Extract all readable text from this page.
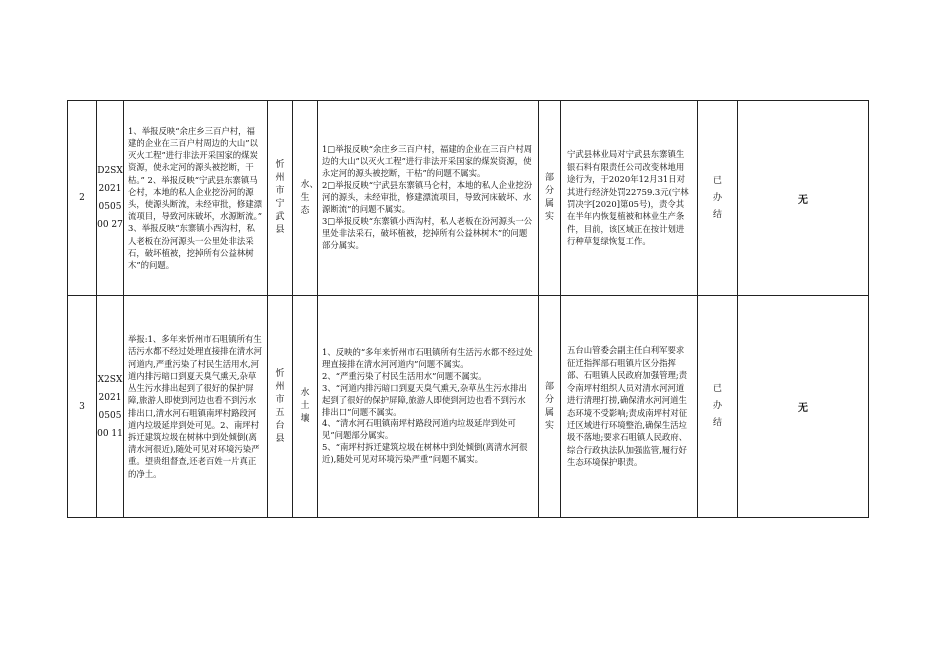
2	D2SX2021050500 27	1、举报反映“余庄乡三百户村，福建的企业在三百户村周边的大山”以灭火工程”进行非法开采国家的煤炭资源，使永定河的源头被挖断，干枯。” 2、举报反映“宁武县东寨镇马仑村，本地的私人企业挖汾河的源头，使源头断流，未经审批，修建漂流项目，导致河床破坏，水源断流。” 3、举报反映“东寨镇小西沟村，私人老板在汾河源头一公里处非法采石，破坏植被，挖掉所有公益林树木”的问题。	忻州市宁武县	水、生态	1□举报反映“余庄乡三百户村，福建的企业在三百户村周边的大山”以灭火工程”进行非法开采国家的煤炭资源，使永定河的源头被挖断，干枯”的问题不属实。

2□举报反映“宁武县东寨镇马仑村，本地的私人企业挖汾河的源头，未经审批，修建漂流项目，导致河床破坏、水源断流”的问题不属实。

3□举报反映“东寨镇小西沟村，私人老板在汾河源头一公里处非法采石，破坏植被，挖掉所有公益林树木”的问题部分属实。	部分属实	宁武县林业局对宁武县东寨镇生银石料有限责任公司改变林地用途行为，于2020年12月31日对其进行经济处罚22759.3元(宁林罚决字[2020]第05号)，责令其在半年内恢复植被和林业生产条件，目前，该区域正在按计划进行种草复绿恢复工作。	已办结	无
3	X2SX2021050500 11	举报:1、多年来忻州市石咀镇所有生活污水都不经过处理直接排在清水河河道内,严重污染了村民生活用水,河道内排污暗口到夏天臭气熏天,杂草丛生污水排出起到了很好的保护屏障,旅游人即使到河边也看不到污水排出口,清水河石咀镇南坪村路段河道内垃圾延岸到处可见。2、南坪村拆迁建筑垃圾在树林中到处倾倒(离清水河很近),随处可见对环境污染严重。望贵组督查,还老百姓一片真正的净土。	忻州市五台县	水土壤	1、反映的“多年来忻州市石咀镇所有生活污水都不经过处理直接排在清水河河道内”问题不属实。

2、“严重污染了村民生活用水”问题不属实。

3、“河道内排污暗口到夏天臭气熏天,杂草丛生污水排出起到了很好的保护屏障,旅游人即使到河边也看不到污水排出口”问题不属实。

4、“清水河石咀镇南坪村路段河道内垃圾延岸到处可见”问题部分属实。

5、“南坪村拆迁建筑垃圾在树林中到处倾倒(离清水河很近),随处可见对环境污染严重”问题不属实。	部分属实	五台山管委会副主任白利军要求征迁指挥部石咀镇片区分指挥部、石咀镇人民政府加强管理;责令南坪村组织人员对清水河河道进行清理打捞,确保清水河河道生态环境不受影响;责成南坪村对征迁区域进行环境整治,确保生活垃圾不落地;要求石咀镇人民政府、综合行政执法队加强监管,履行好生态环境保护职责。	已办结	无
